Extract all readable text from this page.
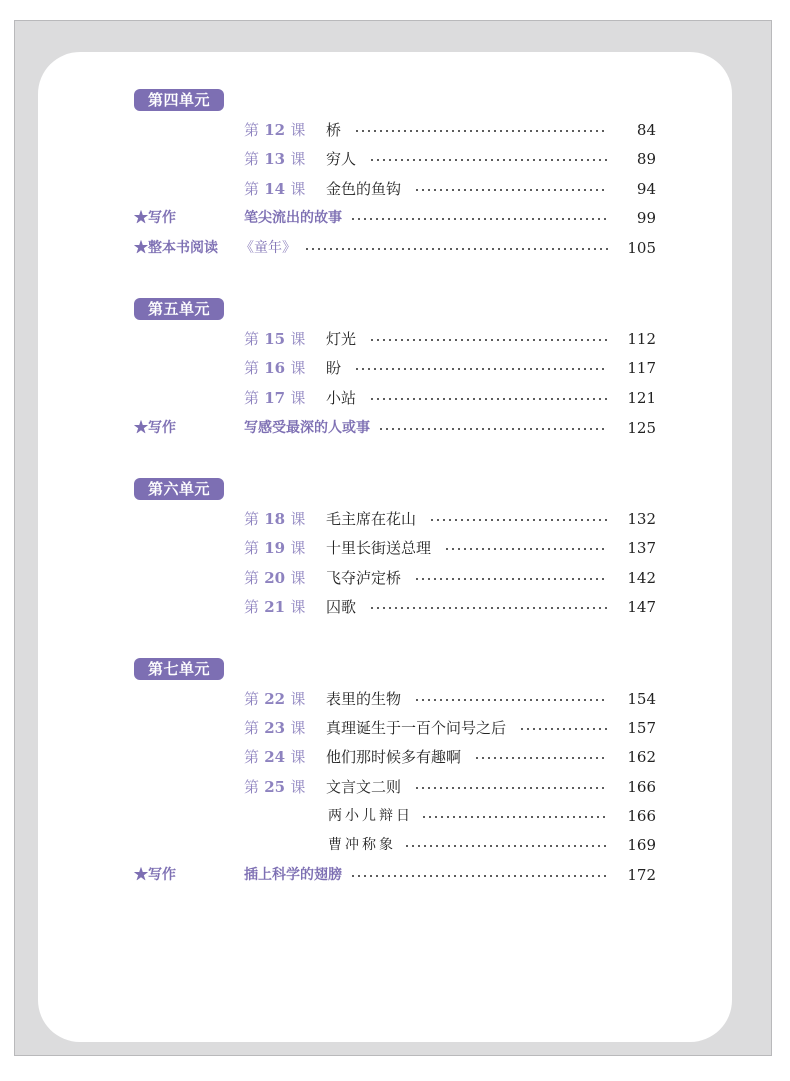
第四单元
第 12 课 桥	84
第 13 课 穷人	89
第 14 课 金色的鱼钩	94
★写作	笔尖流出的故事	99
★整本书阅读 《童年》	105
第五单元
第 15 课 灯光	112
第 16 课 盼	117
第 17 课 小站	121
★写作	写感受最深的人或事	125
第六单元
第 18 课 毛主席在花山	132
第 19 课 十里长街送总理	137
第 20 课 飞夺泸定桥	142
第 21 课 囚歌	147
第七单元
第 22 课 表里的生物	154
第 23 课 真理诞生于一百个问号之后	157
第 24 课 他们那时候多有趣啊	162
第 25 课 文言文二则	166
两小儿辩日	166
曹冲称象	169
★写作	插上科学的翅膀	172
